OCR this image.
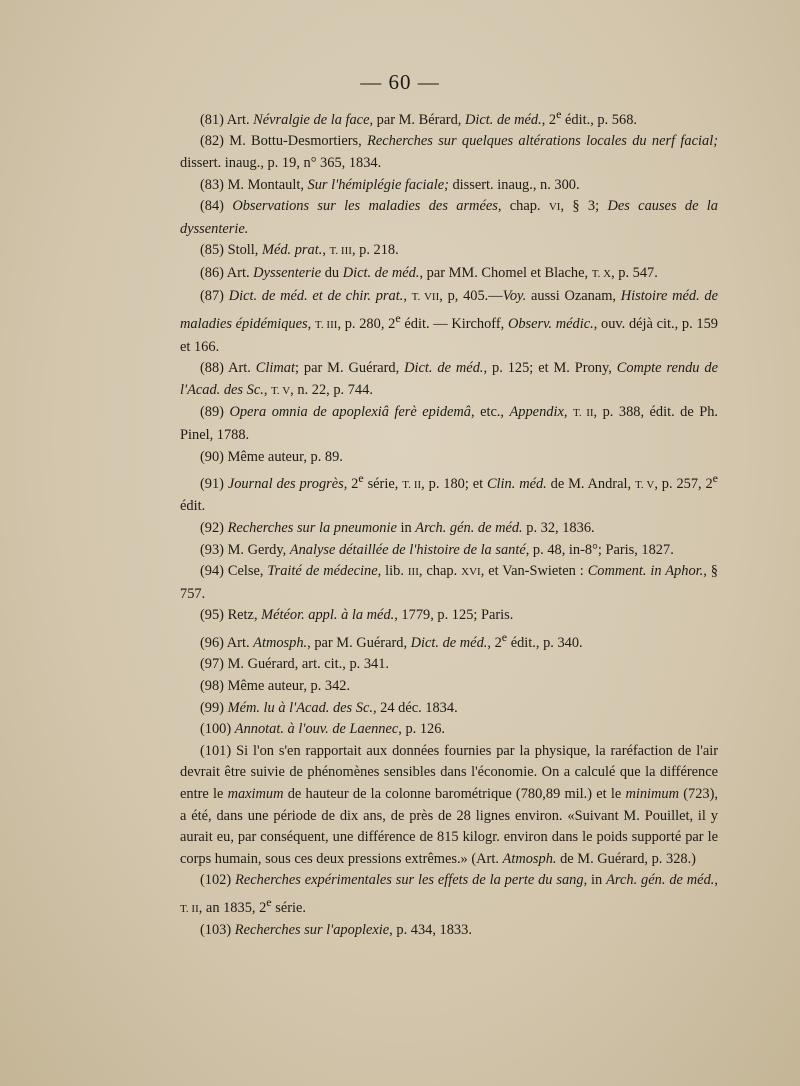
— 60 —

(81) Art. Névralgie de la face, par M. Bérard, Dict. de méd., 2e édit., p. 568.

(82) M. Bottu-Desmortiers, Recherches sur quelques altérations locales du nerf facial; dissert. inaug., p. 19, n° 365, 1834.

(83) M. Montault, Sur l'hémiplégie faciale; dissert. inaug., n. 300.

(84) Observations sur les maladies des armées, chap. VI, § 3; Des causes de la dyssenterie.

(85) Stoll, Méd. prat., T. III, p. 218.

(86) Art. Dyssenterie du Dict. de méd., par MM. Chomel et Blache, T. X, p. 547.

(87) Dict. de méd. et de chir. prat., T. VII, p, 405.—Voy. aussi Ozanam, Histoire méd. de maladies épidémiques, T. III, p. 280, 2e édit. — Kirchoff, Observ. médic., ouv. déjà cit., p. 159 et 166.

(88) Art. Climat; par M. Guérard, Dict. de méd., p. 125; et M. Prony, Compte rendu de l'Acad. des Sc., T. V, n. 22, p. 744.

(89) Opera omnia de apoplexiâ ferè epidemâ, etc., Appendix, T. II, p. 388, édit. de Ph. Pinel, 1788.

(90) Même auteur, p. 89.

(91) Journal des progrès, 2e série, T. II, p. 180; et Clin. méd. de M. Andral, T. V, p. 257, 2e édit.

(92) Recherches sur la pneumonie in Arch. gén. de méd. p. 32, 1836.

(93) M. Gerdy, Analyse détaillée de l'histoire de la santé, p. 48, in-8°; Paris, 1827.

(94) Celse, Traité de médecine, lib. III, chap. XVI, et Van-Swieten : Comment. in Aphor., § 757.

(95) Retz, Météor. appl. à la méd., 1779, p. 125; Paris.

(96) Art. Atmosph., par M. Guérard, Dict. de méd., 2e édit., p. 340.

(97) M. Guérard, art. cit., p. 341.

(98) Même auteur, p. 342.

(99) Mém. lu à l'Acad. des Sc., 24 déc. 1834.

(100) Annotat. à l'ouv. de Laennec, p. 126.

(101) Si l'on s'en rapportait aux données fournies par la physique, la raréfaction de l'air devrait être suivie de phénomènes sensibles dans l'économie. On a calculé que la différence entre le maximum de hauteur de la colonne barométrique (780,89 mil.) et le minimum (723), a été, dans une période de dix ans, de près de 28 lignes environ. «Suivant M. Pouillet, il y aurait eu, par conséquent, une différence de 815 kilogr. environ dans le poids supporté par le corps humain, sous ces deux pressions extrêmes.» (Art. Atmosph. de M. Guérard, p. 328.)

(102) Recherches expérimentales sur les effets de la perte du sang, in Arch. gén. de méd., T. II, an 1835, 2e série.

(103) Recherches sur l'apoplexie, p. 434, 1833.
